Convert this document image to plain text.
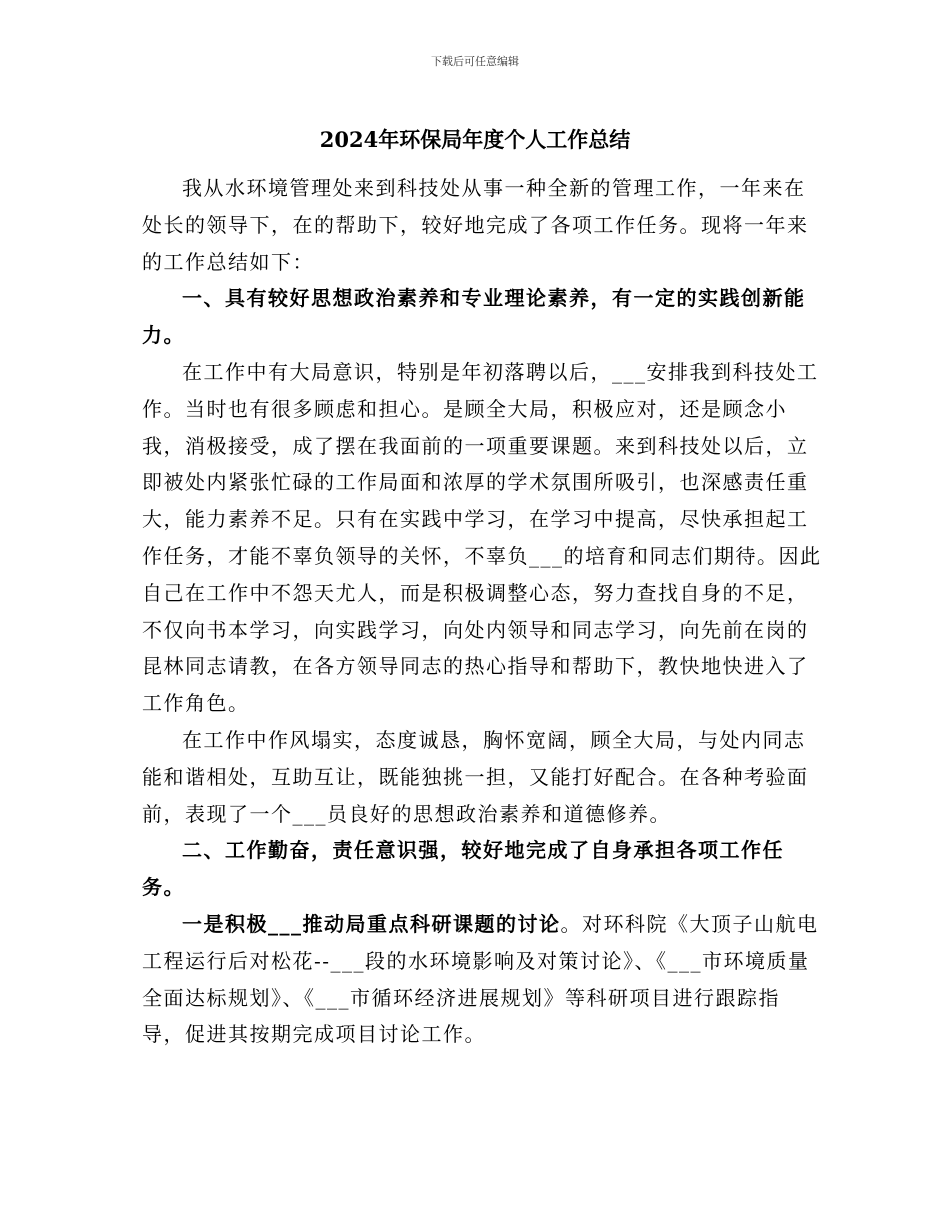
下载后可任意编辑
2024年环保局年度个人工作总结

我从水环境管理处来到科技处从事一种全新的管理工作，一年来在处长的领导下，在的帮助下，较好地完成了各项工作任务。现将一年来的工作总结如下：

一、具有较好思想政治素养和专业理论素养，有一定的实践创新能力。

在工作中有大局意识，特别是年初落聘以后，___安排我到科技处工作。当时也有很多顾虑和担心。是顾全大局，积极应对，还是顾念小我，消极接受，成了摆在我面前的一项重要课题。来到科技处以后，立即被处内紧张忙碌的工作局面和浓厚的学术氛围所吸引，也深感责任重大，能力素养不足。只有在实践中学习，在学习中提高，尽快承担起工作任务，才能不辜负领导的关怀，不辜负___的培育和同志们期待。因此自己在工作中不怨天尤人，而是积极调整心态，努力查找自身的不足，不仅向书本学习，向实践学习，向处内领导和同志学习，向先前在岗的昆林同志请教，在各方领导同志的热心指导和帮助下，教快地快进入了工作角色。

在工作中作风塌实，态度诚恳，胸怀宽阔，顾全大局，与处内同志能和谐相处，互助互让，既能独挑一担，又能打好配合。在各种考验面前，表现了一个___员良好的思想政治素养和道德修养。

二、工作勤奋，责任意识强，较好地完成了自身承担各项工作任务。

一是积极___推动局重点科研课题的讨论。对环科院《大顶子山航电工程运行后对松花--___段的水环境影响及对策讨论》、《___市环境质量全面达标规划》、《___市循环经济进展规划》等科研项目进行跟踪指导，促进其按期完成项目讨论工作。
